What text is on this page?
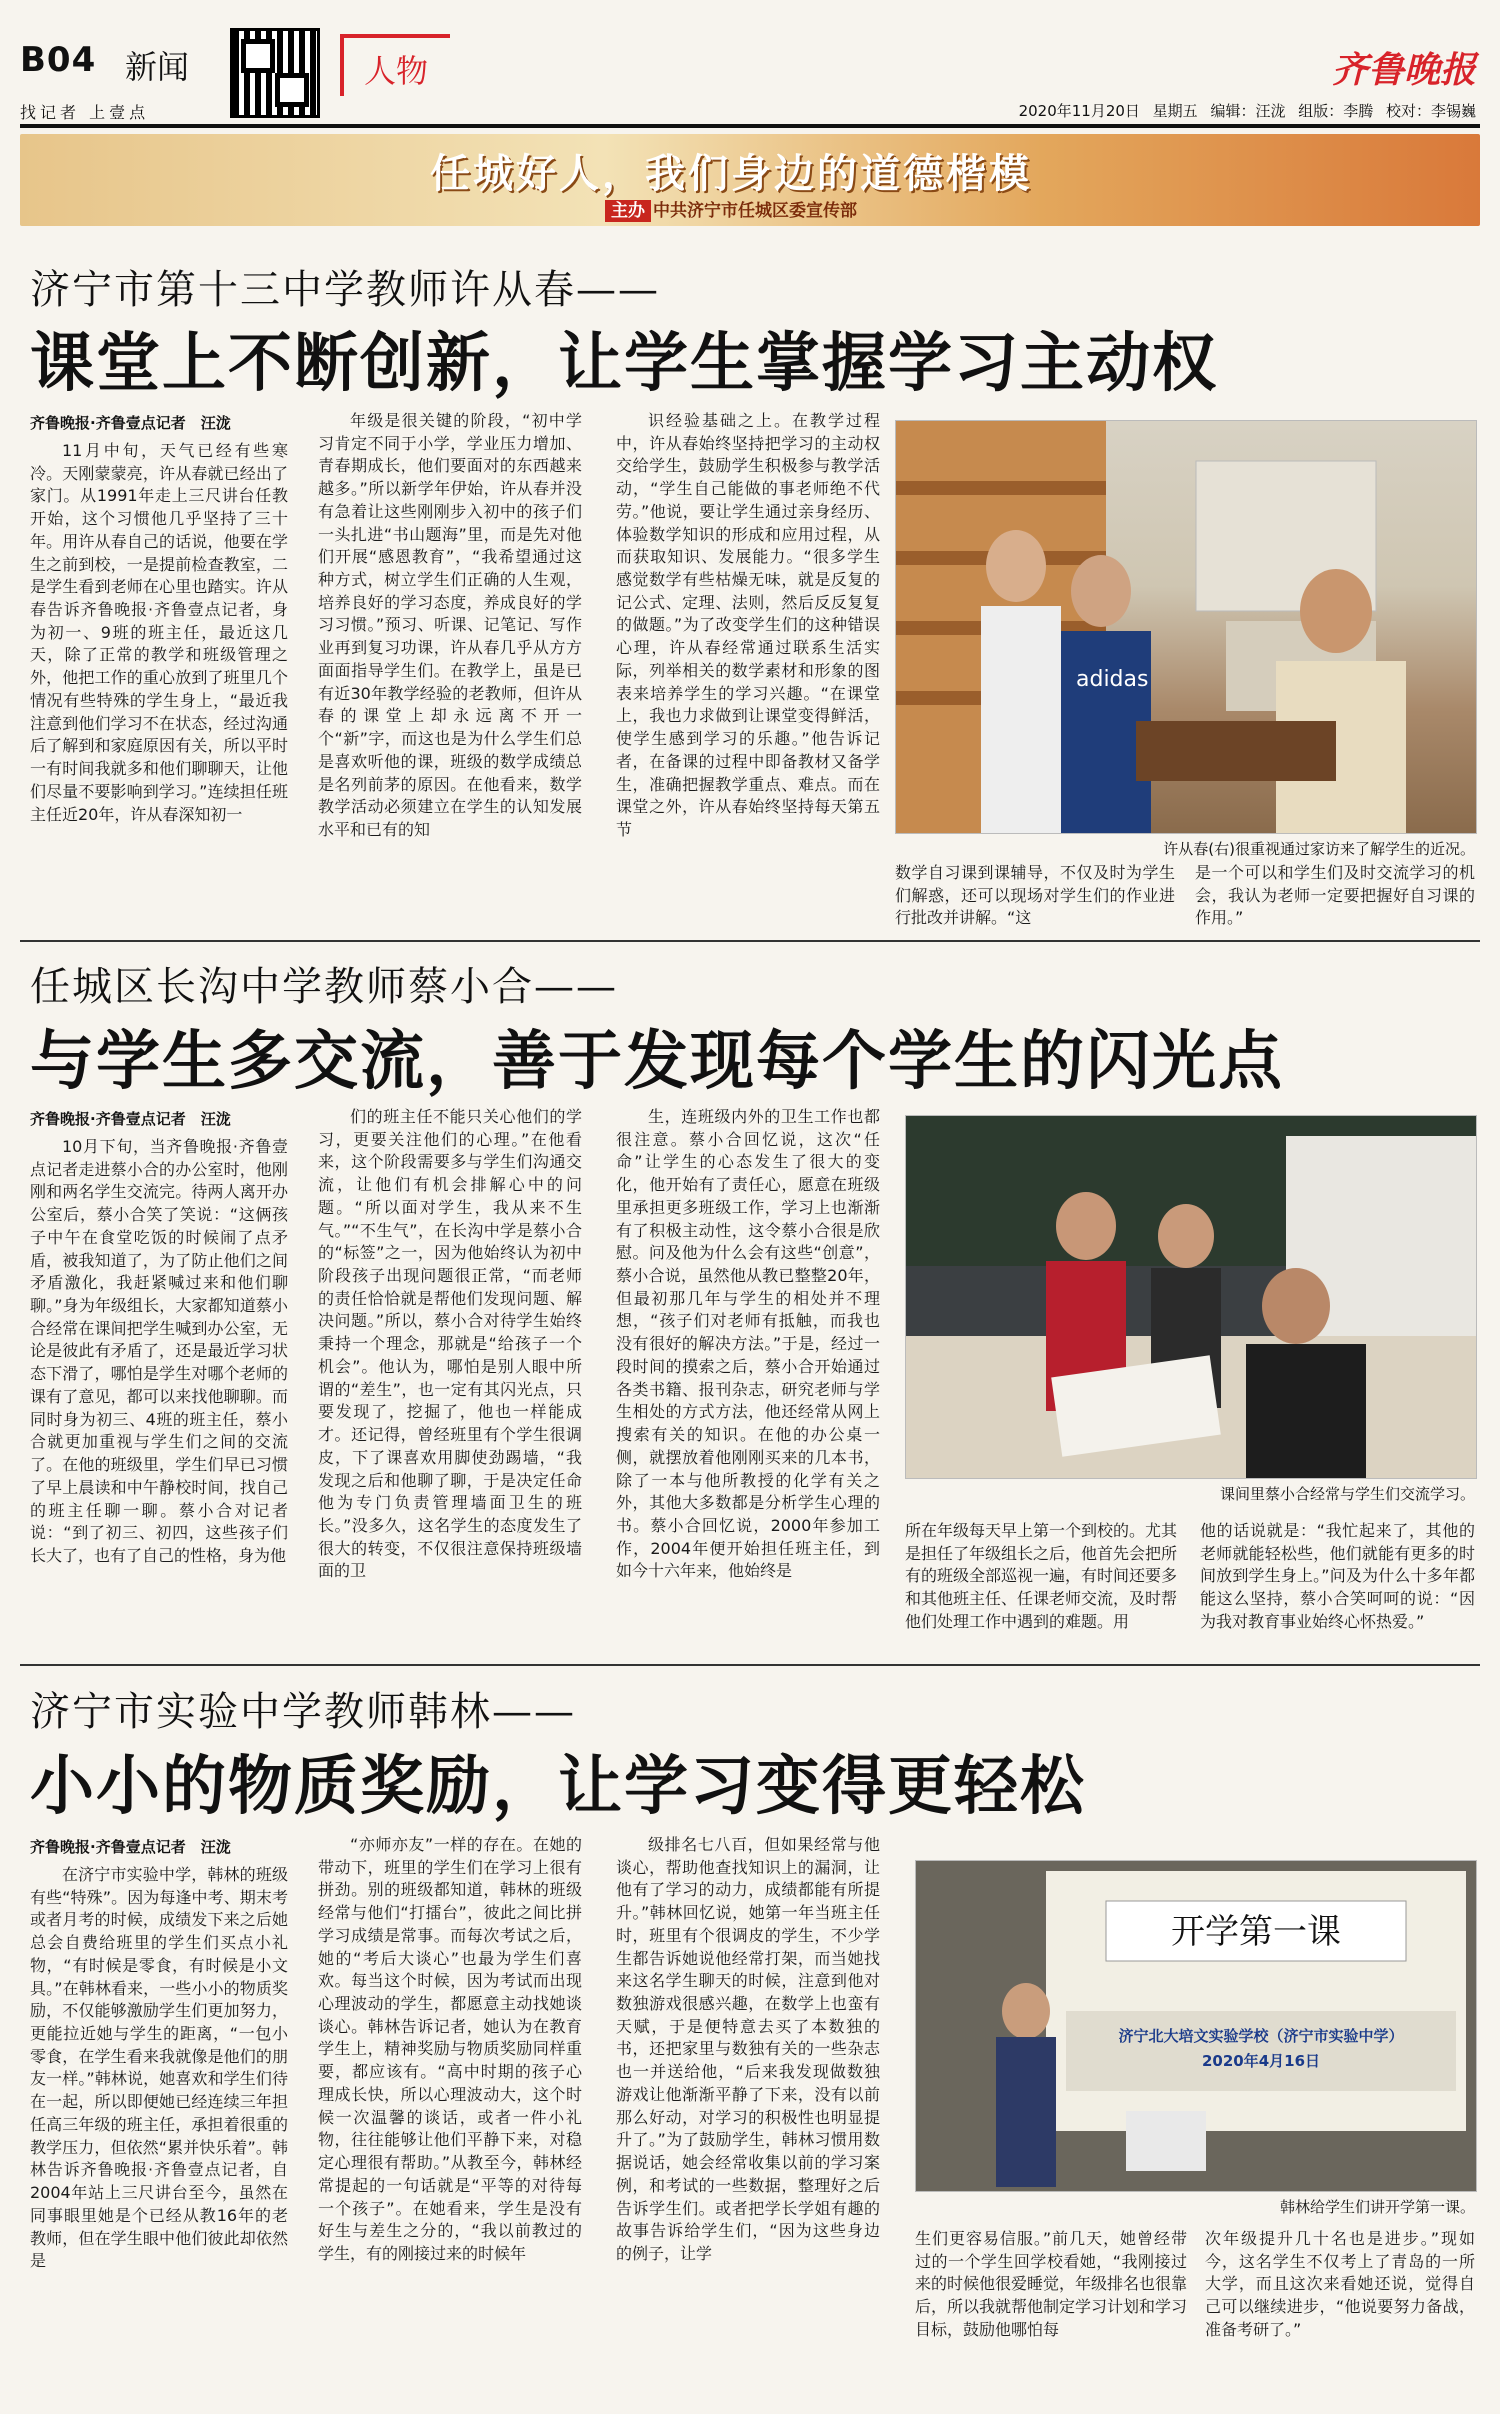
B04 新闻
找记者 上壹点
人物	齐鲁晚报
2020年11月20日 星期五 编辑：汪泷 组版：李腾 校对：李锡巍
任城好人，我们身边的道德楷模
主办 中共济宁市任城区委宣传部
济宁市第十三中学教师许从春——
课堂上不断创新，让学生掌握学习主动权
齐鲁晚报·齐鲁壹点记者　汪泷
11月中旬，天气已经有些寒冷。天刚蒙蒙亮，许从春就已经出了家门。从1991年走上三尺讲台任教开始，这个习惯他几乎坚持了三十年。用许从春自己的话说，他要在学生之前到校，一是提前检查教室，二是学生看到老师在心里也踏实。许从春告诉齐鲁晚报·齐鲁壹点记者，身为初一、9班的班主任，最近这几天，除了正常的教学和班级管理之外，他把工作的重心放到了班里几个情况有些特殊的学生身上，“最近我注意到他们学习不在状态，经过沟通后了解到和家庭原因有关，所以平时一有时间我就多和他们聊聊天，让他们尽量不要影响到学习。”连续担任班主任近20年，许从春深知初一
年级是很关键的阶段，“初中学习肯定不同于小学，学业压力增加、青春期成长，他们要面对的东西越来越多。”所以新学年伊始，许从春并没有急着让这些刚刚步入初中的孩子们一头扎进“书山题海”里，而是先对他们开展“感恩教育”，“我希望通过这种方式，树立学生们正确的人生观，培养良好的学习态度，养成良好的学习习惯。”预习、听课、记笔记、写作业再到复习功课，许从春几乎从方方面面指导学生们。在教学上，虽是已有近30年教学经验的老教师，但许从春的课堂上却永远离不开一个“新”字，而这也是为什么学生们总是喜欢听他的课，班级的数学成绩总是名列前茅的原因。在他看来，数学教学活动必须建立在学生的认知发展水平和已有的知
识经验基础之上。在教学过程中，许从春始终坚持把学习的主动权交给学生，鼓励学生积极参与教学活动，“学生自己能做的事老师绝不代劳。”他说，要让学生通过亲身经历、体验数学知识的形成和应用过程，从而获取知识、发展能力。“很多学生感觉数学有些枯燥无味，就是反复的记公式、定理、法则，然后反反复复的做题。”为了改变学生们的这种错误心理，许从春经常通过联系生活实际，列举相关的数学素材和形象的图表来培养学生的学习兴趣。“在课堂上，我也力求做到让课堂变得鲜活，使学生感到学习的乐趣。”他告诉记者，在备课的过程中即备教材又备学生，准确把握教学重点、难点。而在课堂之外，许从春始终坚持每天第五节
adidas
许从春(右)很重视通过家访来了解学生的近况。
数学自习课到课辅导，不仅及时为学生们解惑，还可以现场对学生们的作业进行批改并讲解。“这
是一个可以和学生们及时交流学习的机会，我认为老师一定要把握好自习课的作用。”
任城区长沟中学教师蔡小合——
与学生多交流，善于发现每个学生的闪光点
齐鲁晚报·齐鲁壹点记者　汪泷
10月下旬，当齐鲁晚报·齐鲁壹点记者走进蔡小合的办公室时，他刚刚和两名学生交流完。待两人离开办公室后，蔡小合笑了笑说：“这俩孩子中午在食堂吃饭的时候闹了点矛盾，被我知道了，为了防止他们之间矛盾激化，我赶紧喊过来和他们聊聊。”身为年级组长，大家都知道蔡小合经常在课间把学生喊到办公室，无论是彼此有矛盾了，还是最近学习状态下滑了，哪怕是学生对哪个老师的课有了意见，都可以来找他聊聊。而同时身为初三、4班的班主任，蔡小合就更加重视与学生们之间的交流了。在他的班级里，学生们早已习惯了早上晨读和中午静校时间，找自己的班主任聊一聊。蔡小合对记者说：“到了初三、初四，这些孩子们长大了，也有了自己的性格，身为他
们的班主任不能只关心他们的学习，更要关注他们的心理。”在他看来，这个阶段需要多与学生们沟通交流，让他们有机会排解心中的问题。“所以面对学生，我从来不生气。”“不生气”，在长沟中学是蔡小合的“标签”之一，因为他始终认为初中阶段孩子出现问题很正常，“而老师的责任恰恰就是帮他们发现问题、解决问题。”所以，蔡小合对待学生始终秉持一个理念，那就是“给孩子一个机会”。他认为，哪怕是别人眼中所谓的“差生”，也一定有其闪光点，只要发现了，挖掘了，他也一样能成才。还记得，曾经班里有个学生很调皮，下了课喜欢用脚使劲踢墙，“我发现之后和他聊了聊，于是决定任命他为专门负责管理墙面卫生的班长。”没多久，这名学生的态度发生了很大的转变，不仅很注意保持班级墙面的卫
生，连班级内外的卫生工作也都很注意。蔡小合回忆说，这次“任命”让学生的心态发生了很大的变化，他开始有了责任心，愿意在班级里承担更多班级工作，学习上也渐渐有了积极主动性，这令蔡小合很是欣慰。问及他为什么会有这些“创意”，蔡小合说，虽然他从教已整整20年，但最初那几年与学生的相处并不理想，“孩子们对老师有抵触，而我也没有很好的解决方法。”于是，经过一段时间的摸索之后，蔡小合开始通过各类书籍、报刊杂志，研究老师与学生相处的方式方法，他还经常从网上搜索有关的知识。在他的办公桌一侧，就摆放着他刚刚买来的几本书，除了一本与他所教授的化学有关之外，其他大多数都是分析学生心理的书。蔡小合回忆说，2000年参加工作，2004年便开始担任班主任，到如今十六年来，他始终是
课间里蔡小合经常与学生们交流学习。
所在年级每天早上第一个到校的。尤其是担任了年级组长之后，他首先会把所有的班级全部巡视一遍，有时间还要多和其他班主任、任课老师交流，及时帮他们处理工作中遇到的难题。用
他的话说就是：“我忙起来了，其他的老师就能轻松些，他们就能有更多的时间放到学生身上。”问及为什么十多年都能这么坚持，蔡小合笑呵呵的说：“因为我对教育事业始终心怀热爱。”
济宁市实验中学教师韩林——
小小的物质奖励，让学习变得更轻松
齐鲁晚报·齐鲁壹点记者　汪泷
在济宁市实验中学，韩林的班级有些“特殊”。因为每逢中考、期末考或者月考的时候，成绩发下来之后她总会自费给班里的学生们买点小礼物，“有时候是零食，有时候是小文具。”在韩林看来，一些小小的物质奖励，不仅能够激励学生们更加努力，更能拉近她与学生的距离，“一包小零食，在学生看来我就像是他们的朋友一样。”韩林说，她喜欢和学生们待在一起，所以即便她已经连续三年担任高三年级的班主任，承担着很重的教学压力，但依然“累并快乐着”。韩林告诉齐鲁晚报·齐鲁壹点记者，自2004年站上三尺讲台至今，虽然在同事眼里她是个已经从教16年的老教师，但在学生眼中他们彼此却依然是
“亦师亦友”一样的存在。在她的带动下，班里的学生们在学习上很有拼劲。别的班级都知道，韩林的班级经常与他们“打擂台”，彼此之间比拼学习成绩是常事。而每次考试之后，她的“考后大谈心”也最为学生们喜欢。每当这个时候，因为考试而出现心理波动的学生，都愿意主动找她谈谈心。韩林告诉记者，她认为在教育学生上，精神奖励与物质奖励同样重要，都应该有。“高中时期的孩子心理成长快，所以心理波动大，这个时候一次温馨的谈话，或者一件小礼物，往往能够让他们平静下来，对稳定心理很有帮助。”从教至今，韩林经常提起的一句话就是“平等的对待每一个孩子”。在她看来，学生是没有好生与差生之分的，“我以前教过的学生，有的刚接过来的时候年
级排名七八百，但如果经常与他谈心，帮助他查找知识上的漏洞，让他有了学习的动力，成绩都能有所提升。”韩林回忆说，她第一年当班主任时，班里有个很调皮的学生，不少学生都告诉她说他经常打架，而当她找来这名学生聊天的时候，注意到他对数独游戏很感兴趣，在数学上也蛮有天赋，于是便特意去买了本数独的书，还把家里与数独有关的一些杂志也一并送给他，“后来我发现做数独游戏让他渐渐平静了下来，没有以前那么好动，对学习的积极性也明显提升了。”为了鼓励学生，韩林习惯用数据说话，她会经常收集以前的学习案例，和考试的一些数据，整理好之后告诉学生们。或者把学长学姐有趣的故事告诉给学生们，“因为这些身边的例子，让学
开学第一课
济宁北大培文实验学校（济宁市实验中学）
2020年4月16日
韩林给学生们讲开学第一课。
生们更容易信服。”前几天，她曾经带过的一个学生回学校看她，“我刚接过来的时候他很爱睡觉，年级排名也很靠后，所以我就帮他制定学习计划和学习目标，鼓励他哪怕每
次年级提升几十名也是进步。”现如今，这名学生不仅考上了青岛的一所大学，而且这次来看她还说，觉得自己可以继续进步，“他说要努力备战，准备考研了。”
